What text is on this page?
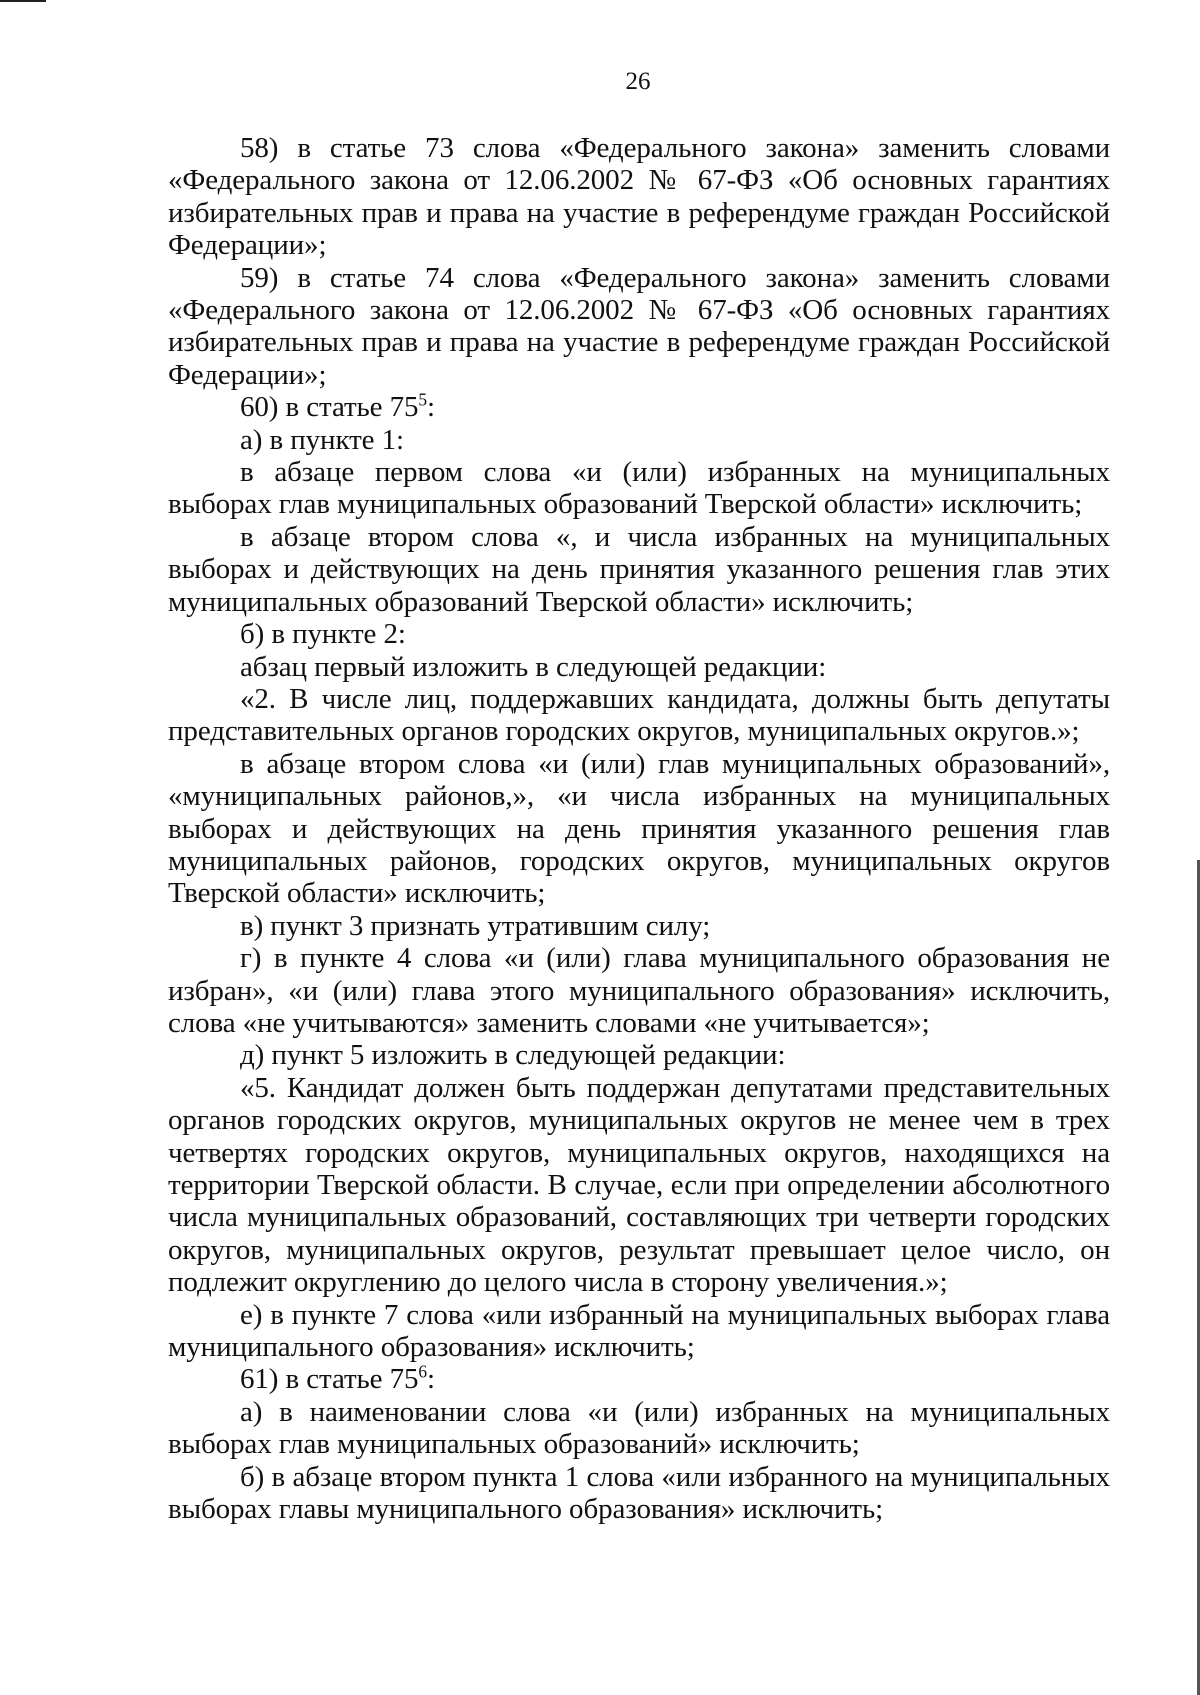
26

58) в статье 73 слова «Федерального закона» заменить словами «Федерального закона от 12.06.2002 № 67-ФЗ «Об основных гарантиях избирательных прав и права на участие в референдуме граждан Российской Федерации»;

59) в статье 74 слова «Федерального закона» заменить словами «Федерального закона от 12.06.2002 № 67-ФЗ «Об основных гарантиях избирательных прав и права на участие в референдуме граждан Российской Федерации»;

60) в статье $75^5$:

а) в пункте 1:

в абзаце первом слова «и (или) избранных на муниципальных выборах глав муниципальных образований Тверской области» исключить;

в абзаце втором слова «, и числа избранных на муниципальных выборах и действующих на день принятия указанного решения глав этих муниципальных образований Тверской области» исключить;

б) в пункте 2:

абзац первый изложить в следующей редакции:

«2. В числе лиц, поддержавших кандидата, должны быть депутаты представительных органов городских округов, муниципальных округов.»;

в абзаце втором слова «и (или) глав муниципальных образований», «муниципальных районов,», «и числа избранных на муниципальных выборах и действующих на день принятия указанного решения глав муниципальных районов, городских округов, муниципальных округов Тверской области» исключить;

в) пункт 3 признать утратившим силу;

г) в пункте 4 слова «и (или) глава муниципального образования не избран», «и (или) глава этого муниципального образования» исключить, слова «не учитываются» заменить словами «не учитывается»;

д) пункт 5 изложить в следующей редакции:

«5. Кандидат должен быть поддержан депутатами представительных органов городских округов, муниципальных округов не менее чем в трех четвертях городских округов, муниципальных округов, находящихся на территории Тверской области. В случае, если при определении абсолютного числа муниципальных образований, составляющих три четверти городских округов, муниципальных округов, результат превышает целое число, он подлежит округлению до целого числа в сторону увеличения.»;

е) в пункте 7 слова «или избранный на муниципальных выборах глава муниципального образования» исключить;

61) в статье $75^6$:

а) в наименовании слова «и (или) избранных на муниципальных выборах глав муниципальных образований» исключить;

б) в абзаце втором пункта 1 слова «или избранного на муниципальных выборах главы муниципального образования» исключить;
